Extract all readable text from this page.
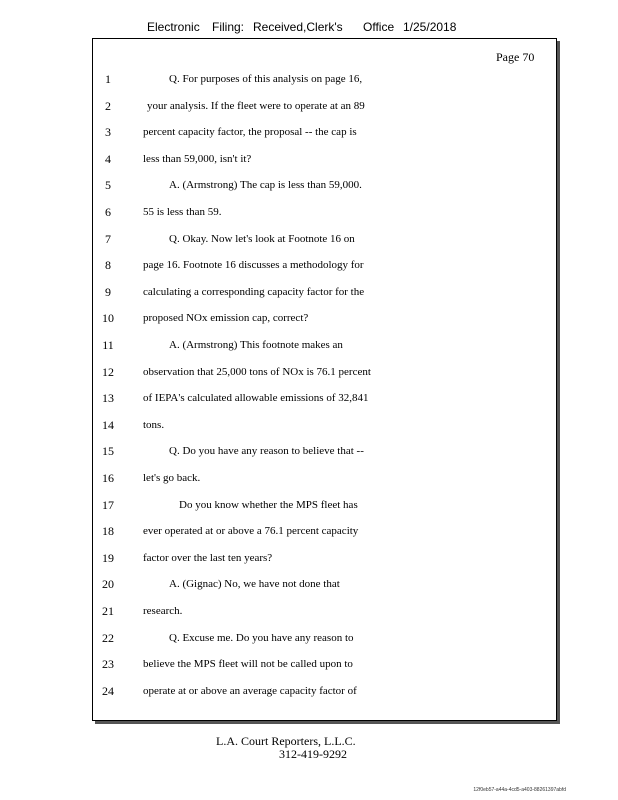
Electronic Filing: Received,Clerk's Office 1/25/2018
Page 70
1	Q. For purposes of this analysis on page 16,
2	your analysis. If the fleet were to operate at an 89
3	percent capacity factor, the proposal -- the cap is
4	less than 59,000, isn't it?
5	A. (Armstrong) The cap is less than 59,000.
6	55 is less than 59.
7	Q. Okay. Now let's look at Footnote 16 on
8	page 16. Footnote 16 discusses a methodology for
9	calculating a corresponding capacity factor for the
10	proposed NOx emission cap, correct?
11	A. (Armstrong) This footnote makes an
12	observation that 25,000 tons of NOx is 76.1 percent
13	of IEPA's calculated allowable emissions of 32,841
14	tons.
15	Q. Do you have any reason to believe that --
16	let's go back.
17	Do you know whether the MPS fleet has
18	ever operated at or above a 76.1 percent capacity
19	factor over the last ten years?
20	A. (Gignac) No, we have not done that
21	research.
22	Q. Excuse me. Do you have any reason to
23	believe the MPS fleet will not be called upon to
24	operate at or above an average capacity factor of
L.A. Court Reporters, L.L.C.
312-419-9292
12f0eb57-a44a-4cd5-a403-88261397abfd
